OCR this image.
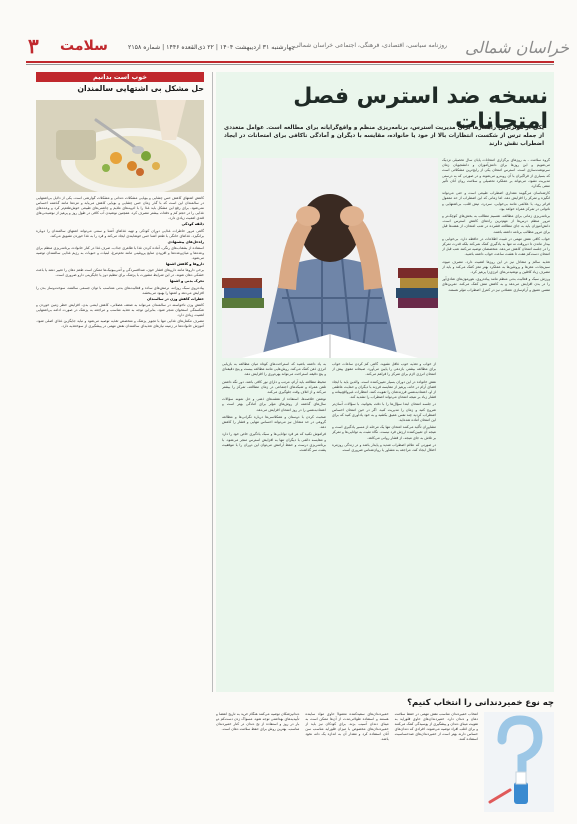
خراسان شمالی
روزنامه سیاسی، اقتصادی، فرهنگی، اجتماعی خراسان شمالی
چهارشنبه ۳۱ اردیبهشت ۱۴۰۴ | ۲۲ ذی‌القعده ۱۴۴۶ | شماره ۲۱۵۸
سلامت
۳
خوب است بدانیم
حل مشکل بی اشتهایی سالمندان

کاهش اشتهای کاهش حس چشایی و بویایی مشکلات دندانی و مشکلات گوارشی است. یکی از دلایل بی‌اشتهایی در سالمندان این است که با گذر زمان حس چشایی و بویایی کاهش می‌یابد و مزه‌ها مانند گذشته احساس نمی‌شود. برای رفع این مشکل باید غذا را با ادویه‌های ملایم و چاشنی‌های طبیعی خوش‌طعم‌تر کرد و وعده‌های غذایی را در حجم کم و دفعات بیشتر مصرف کرد. همچنین نوشیدن آب کافی در طول روز و پرهیز از نوشیدنی‌های قندی اهمیت زیادی دارد.

ذائقه کودکی

گاهی مرور خاطرات غذایی دوران کودکی و تهیه غذاهای آشنا و سنتی می‌تواند اشتهای سالمندان را دوباره برانگیزد. غذاهای خانگی با طعم آشنا حس خوشایندی ایجاد می‌کند و فرد را به غذا خوردن تشویق می‌کند.

راه‌حل‌های پیشنهادی

استفاده از بشقاب‌های رنگی، آماده کردن غذا با ظاهری جذاب، صرف غذا در کنار خانواده، برنامه‌ریزی منظم برای وعده‌ها و میان‌وعده‌ها و افزودن منابع پروتئینی مانند تخم‌مرغ، لبنیات و حبوبات به رژیم غذایی سالمندان توصیه می‌شود.

داروها و کاهش اشتها

برخی داروها مانند داروهای فشار خون، ضدافسردگی و آنتی‌بیوتیک‌ها ممکن است طعم دهان را تغییر دهند یا باعث خشکی دهان شوند. در این شرایط مشورت با پزشک برای تنظیم دوز یا جایگزینی دارو ضروری است.

تحرک بدنی و اشتها

پیاده‌روی سبک روزانه، نرمش‌های ساده و فعالیت‌های بدنی متناسب با توان جسمی سالمند، سوخت‌وساز بدن را افزایش می‌دهد و اشتها را بهبود می‌بخشد.

خطرات کاهش وزن در سالمندان

کاهش وزن ناخواسته در سالمندان می‌تواند به ضعف عضلانی، کاهش ایمنی بدن، افزایش خطر زمین خوردن و شکستگی استخوان منجر شود. بنابراین توجه به تغذیه مناسب و مراجعه به پزشک در صورت ادامه بی‌اشتهایی اهمیت زیادی دارد.

مصرف مکمل‌های غذایی تنها با تجویز پزشک و متخصص تغذیه توصیه می‌شود و نباید جایگزین غذای اصلی شود. آموزش خانواده‌ها در زمینه نیازهای تغذیه‌ای سالمندان نقش مهمی در پیشگیری از سوءتغذیه دارد.

نسخه ضد استرس فصل امتحانات
یکی از مؤثرترین راهکارها برای مدیریت استرس، برنامه‌ریزی منظم و واقع‌گرایانه برای مطالعه است. عوامل متعددی از جمله ترس از شکست، انتظارات بالا از خود یا خانواده، مقایسه با دیگران و آمادگی ناکافی برای امتحانات در ایجاد اضطراب نقش دارند

گروه سلامت - به روزهای برگزاری امتحانات پایان سال تحصیلی نزدیک می‌شویم و این روزها برای دانش‌آموزان و دانشجویان زمان سرنوشت‌سازی است. استرس امتحان یکی از رایج‌ترین مشکلاتی است که بسیاری از فراگیران با آن روبه‌رو می‌شوند و در صورتی که به درستی مدیریت نشود، می‌تواند بر عملکرد تحصیلی و سلامت روان آنان تأثیر منفی بگذارد.

کارشناسان می‌گویند مقداری اضطراب طبیعی است و حتی می‌تواند انگیزه و تمرکز را افزایش دهد، اما زمانی که این اضطراب از حد معمول فراتر رود، با علائمی مانند بی‌خوابی، سردرد، تپش قلب، بی‌اشتهایی و ناتوانی در تمرکز همراه خواهد بود.

برنامه‌ریزی زمانی برای مطالعه، تقسیم مطالب به بخش‌های کوچک‌تر و مرور منظم درس‌ها از مهم‌ترین راه‌های کاهش استرس است. دانش‌آموزان باید به جای مطالعه فشرده در شب امتحان، از هفته‌ها قبل برای مرور مطالب برنامه داشته باشند.

خواب کافی نقش مهمی در تثبیت اطلاعات در حافظه دارد. بی‌خوابی و بیدار ماندن تا دیروقت نه تنها به یادگیری کمک نمی‌کند بلکه قدرت تمرکز را در جلسه امتحان کاهش می‌دهد. متخصصان توصیه می‌کنند شب قبل از امتحان دست‌کم هفت تا هشت ساعت خواب داشته باشید.

تغذیه سالم و متعادل نیز در این روزها اهمیت دارد. مصرف میوه، سبزیجات، مغزها و پروتئین‌ها به عملکرد بهتر مغز کمک می‌کند و باید از مصرف زیاد کافئین و نوشیدنی‌های انرژی‌زا پرهیز کرد.

ورزش سبک و فعالیت بدنی منظم مانند پیاده‌روی، هورمون‌های شادی‌آور را در بدن افزایش می‌دهد و به کاهش تنش کمک می‌کند. تمرین‌های تنفس عمیق و آرام‌سازی عضلانی نیز در کنترل اضطراب مؤثر هستند.

از خواب و تغذیه خوب غافل نشوید. گاهی کم کردن ساعات خواب برای مطالعه بیشتر، بازدهی را پایین می‌آورد. صبحانه مقوی پیش از امتحان انرژی لازم برای تمرکز را فراهم می‌کند.

نقش خانواده در این دوران بسیار تعیین‌کننده است. والدین باید با ایجاد فضای آرام در خانه، پرهیز از مقایسه فرزند با دیگران و حمایت عاطفی از او، اعتمادبه‌نفس فرزندشان را تقویت کنند. انتظارات غیرواقع‌بینانه و فشار زیاد بر نتیجه امتحان می‌تواند اضطراب را تشدید کند.

در جلسه امتحان ابتدا سؤال‌ها را با دقت بخوانید، با سؤالات آسان‌تر شروع کنید و زمان را مدیریت کنید. اگر در حین امتحان احساس اضطراب کردید چند نفس عمیق بکشید و به خود یادآوری کنید که برای این امتحان آماده شده‌اید.

مشاوران تأکید می‌کنند امتحان تنها یک مرحله از مسیر یادگیری است و نتیجه آن تعیین‌کننده ارزش فرد نیست. نگاه مثبت به توانایی‌ها و تمرکز بر تلاش به جای نتیجه، از فشار روانی می‌کاهد.

در صورتی که علائم اضطراب شدید و پایدار باشد و در زندگی روزمره اختلال ایجاد کند، مراجعه به مشاور یا روان‌شناس ضروری است.

به یاد داشته باشید که استراحت‌های کوتاه میان مطالعه به بازیابی انرژی ذهن کمک می‌کند. روش‌هایی مانند مطالعه بیست و پنج دقیقه‌ای و پنج دقیقه استراحت می‌تواند بهره‌وری را افزایش دهد.

محیط مطالعه باید آرام، مرتب و دارای نور کافی باشد. دور نگه داشتن تلفن همراه و شبکه‌های اجتماعی در زمان مطالعه، تمرکز را بیشتر می‌کند و از اتلاف وقت جلوگیری می‌کند.

نوشتن خلاصه‌ها، استفاده از نقشه‌های ذهنی و حل نمونه سؤالات سال‌های گذشته از روش‌های مؤثر برای آمادگی بهتر است و اعتمادبه‌نفس را در روز امتحان افزایش می‌دهد.

صحبت کردن با دوستان و همکلاسی‌ها درباره نگرانی‌ها و مطالعه گروهی در حد متعادل نیز می‌تواند احساس تنهایی و فشار را کاهش دهد.

فراموش نکنید که هر فرد توانایی‌ها و سبک یادگیری خاص خود را دارد و مقایسه دائمی با دیگران تنها به افزایش استرس منجر می‌شود. با برنامه‌ریزی درست و حفظ آرامش می‌توان این دوران را با موفقیت پشت سر گذاشت.

چه نوع خمیردندانی را انتخاب کنیم؟
انتخاب خمیردندان مناسب نقش مهمی در حفظ سلامت دهان و دندان دارد. خمیردندان‌های حاوی فلوراید به تقویت مینای دندان و پیشگیری از پوسیدگی کمک می‌کنند و برای اغلب افراد توصیه می‌شوند. افرادی که دندان‌های حساس دارند بهتر است از خمیردندان‌های ضدحساسیت استفاده کنند.
خمیردندان‌های سفیدکننده معمولاً حاوی مواد ساینده هستند و استفاده طولانی‌مدت از آن‌ها ممکن است به مینای دندان آسیب بزند. برای کودکان نیز باید از خمیردندان‌های مخصوص با میزان فلوراید مناسب سن آنان استفاده کرد و مقدار آن به اندازه یک دانه نخود باشد.
دندانپزشکان توصیه می‌کنند هنگام خرید به تاریخ انقضا و تأییدیه‌های بهداشتی توجه شود. مسواک زدن دست‌کم دو بار در روز و استفاده از نخ دندان در کنار خمیردندان مناسب، بهترین روش برای حفظ سلامت دهان است.
